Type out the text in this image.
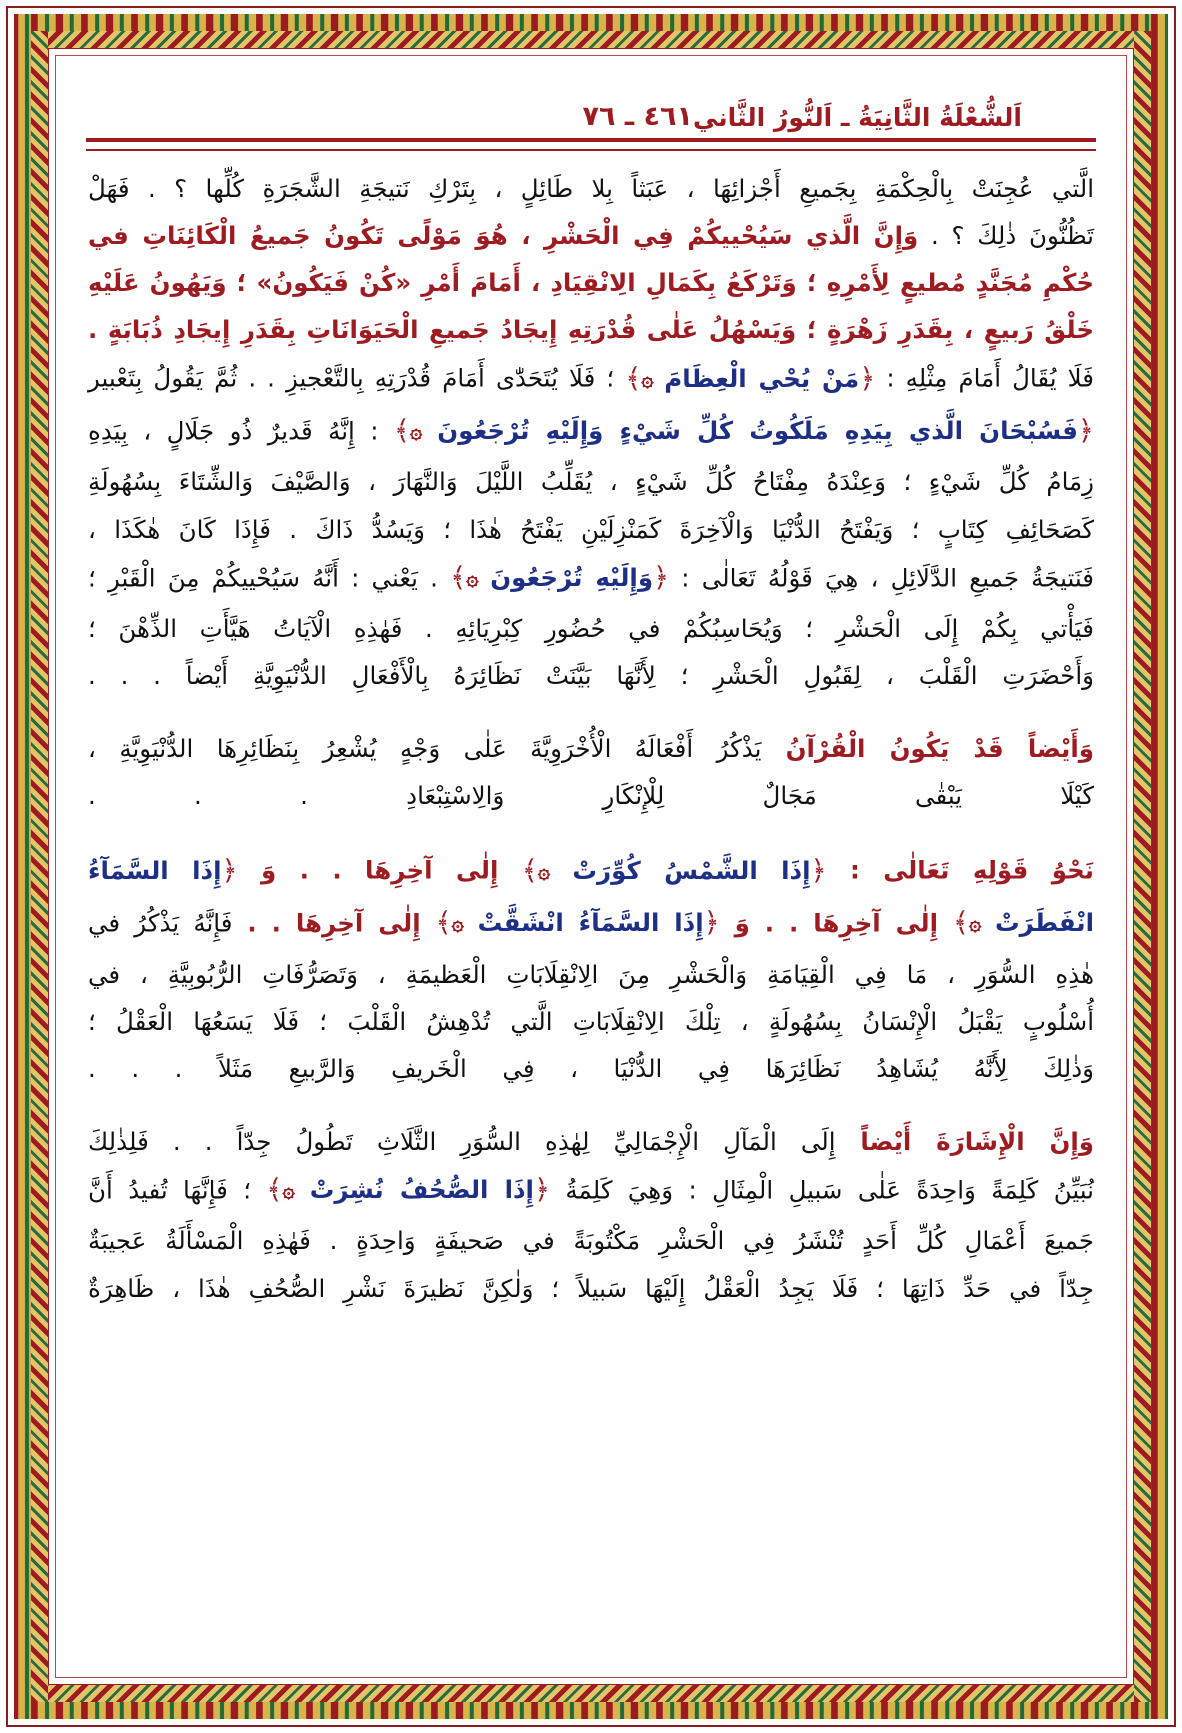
٤٦١ ـ ٧٦ اَلشُّعْلَةُ الثَّانِيَةُ ـ اَلنُّورُ الثَّاني

الَّتي عُجِنَتْ بِالْحِكْمَةِ بِجَميعِ أَجْزائِهَا ، عَبَثاً بِلا طَائِلٍ ، بِتَرْكِ نَتيجَةِ الشَّجَرَةِ كُلِّها ؟ . فَهَلْ

تَظُنُّونَ ذٰلِكَ ؟ . وَإِنَّ الَّذي سَيُحْييكُمْ فِي الْحَشْرِ ، هُوَ مَوْلًى تَكُونُ جَميعُ الْكَائِنَاتِ في

حُكْمِ مُجَنَّدٍ مُطيعٍ لِأَمْرِهِ ؛ وَتَرْكَعُ بِكَمَالِ الِانْقِيَادِ ، أَمَامَ أَمْرِ «كُنْ فَيَكُونُ» ؛ وَيَهُونُ عَلَيْهِ

خَلْقُ رَبيعٍ ، بِقَدَرِ زَهْرَةٍ ؛ وَيَسْهُلُ عَلٰى قُدْرَتِهِ إِيجَادُ جَميعِ الْحَيَوَانَاتِ بِقَدَرِ إِيجَادِ ذُبَابَةٍ .

فَلَا يُقَالُ أَمَامَ مِثْلِهِ : ﴿مَنْ يُحْي الْعِظَامَ ۞﴾ ؛ فَلَا يُتَحَدّٰى أَمَامَ قُدْرَتِهِ بِالتَّعْجيزِ . . ثُمَّ يَقُولُ بِتَعْبير

﴿فَسُبْحَانَ الَّذي بِيَدِهِ مَلَكُوتُ كُلِّ شَيْءٍ وَإِلَيْهِ تُرْجَعُونَ ۞﴾ : إِنَّهُ قَديرٌ ذُو جَلَالٍ ، بِيَدِهِ

زِمَامُ كُلِّ شَيْءٍ ؛ وَعِنْدَهُ مِفْتَاحُ كُلِّ شَيْءٍ ، يُقَلِّبُ اللَّيْلَ وَالنَّهَارَ ، وَالصَّيْفَ وَالشِّتَاءَ بِسُهُولَةِ

كَصَحَائِفِ كِتَابٍ ؛ وَيَفْتَحُ الدُّنْيَا وَالْآخِرَةَ كَمَنْزِلَيْنِ يَفْتَحُ هٰذَا ؛ وَيَسُدُّ ذَاكَ . فَإِذَا كَانَ هٰكَذَا ،

فَنَتيجَةُ جَميعِ الدَّلَائِلِ ، هِيَ قَوْلُهُ تَعَالٰى : ﴿وَإِلَيْهِ تُرْجَعُونَ ۞﴾ . يَعْني : أَنَّهُ سَيُحْييكُمْ مِنَ الْقَبْرِ ؛

فَيَأْتي بِكُمْ إِلَى الْحَشْرِ ؛ وَيُحَاسِبُكُمْ في حُضُورِ كِبْرِيَائِهِ . فَهٰذِهِ الْآيَاتُ هَيَّأَتِ الذِّهْنَ ؛

وَأَحْضَرَتِ الْقَلْبَ ، لِقَبُولِ الْحَشْرِ ؛ لِأَنَّهَا بَيَّنَتْ نَظَائِرَهُ بِالْأَفْعَالِ الدُّنْيَوِيَّةِ أَيْضاً . . .

وَأَيْضاً قَدْ يَكُونُ الْقُرْآنُ يَذْكُرُ أَفْعَالَهُ الْأُخْرَوِيَّةَ عَلٰى وَجْهٍ يُشْعِرُ بِنَظَائِرِهَا الدُّنْيَوِيَّةِ ،

كَيْلَا يَبْقٰى مَجَالٌ لِلْإِنْكَارِ وَالِاسْتِبْعَادِ . . .

نَحْوُ قَوْلِهِ تَعَالٰى : ﴿إِذَا الشَّمْسُ كُوِّرَتْ ۞﴾ إِلٰى آخِرِهَا . . وَ ﴿إِذَا السَّمَآءُ

انْفَطَرَتْ ۞﴾ إِلٰى آخِرِهَا . . وَ ﴿إِذَا السَّمَآءُ انْشَقَّتْ ۞﴾ إِلٰى آخِرِهَا . . فَإِنَّهُ يَذْكُرُ في

هٰذِهِ السُّوَرِ ، مَا فِي الْقِيَامَةِ وَالْحَشْرِ مِنَ الِانْقِلَابَاتِ الْعَظيمَةِ ، وَتَصَرُّفَاتِ الرُّبُوبِيَّةِ ، في

أُسْلُوبٍ يَقْبَلُ الْإِنْسَانُ بِسُهُولَةٍ ، تِلْكَ الِانْقِلَابَاتِ الَّتي تُدْهِشُ الْقَلْبَ ؛ فَلَا يَسَعُهَا الْعَقْلُ ؛

وَذٰلِكَ لِأَنَّهُ يُشَاهِدُ نَظَائِرَهَا فِي الدُّنْيَا ، فِي الْخَريفِ وَالرَّبيعِ مَثَلاً . . .

وَإِنَّ الْإِشَارَةَ أَيْضاً إِلَى الْمَآلِ الْإِجْمَالِيِّ لِهٰذِهِ السُّوَرِ الثَّلَاثِ تَطُولُ جِدّاً . . فَلِذٰلِكَ

نُبَيِّنُ كَلِمَةً وَاحِدَةً عَلٰى سَبيلِ الْمِثَالِ : وَهِيَ كَلِمَةُ ﴿إِذَا الصُّحُفُ نُشِرَتْ ۞﴾ ؛ فَإِنَّهَا تُفيدُ أَنَّ

جَميعَ أَعْمَالِ كُلِّ أَحَدٍ تُنْشَرُ فِي الْحَشْرِ مَكْتُوبَةً في صَحيفَةٍ وَاحِدَةٍ . فَهٰذِهِ الْمَسْأَلَةُ عَجيبَةٌ

جِدّاً في حَدِّ ذَاتِهَا ؛ فَلَا يَجِدُ الْعَقْلُ إِلَيْهَا سَبيلاً ؛ وَلٰكِنَّ نَظيرَةَ نَشْرِ الصُّحُفِ هٰذَا ، ظَاهِرَةٌ
